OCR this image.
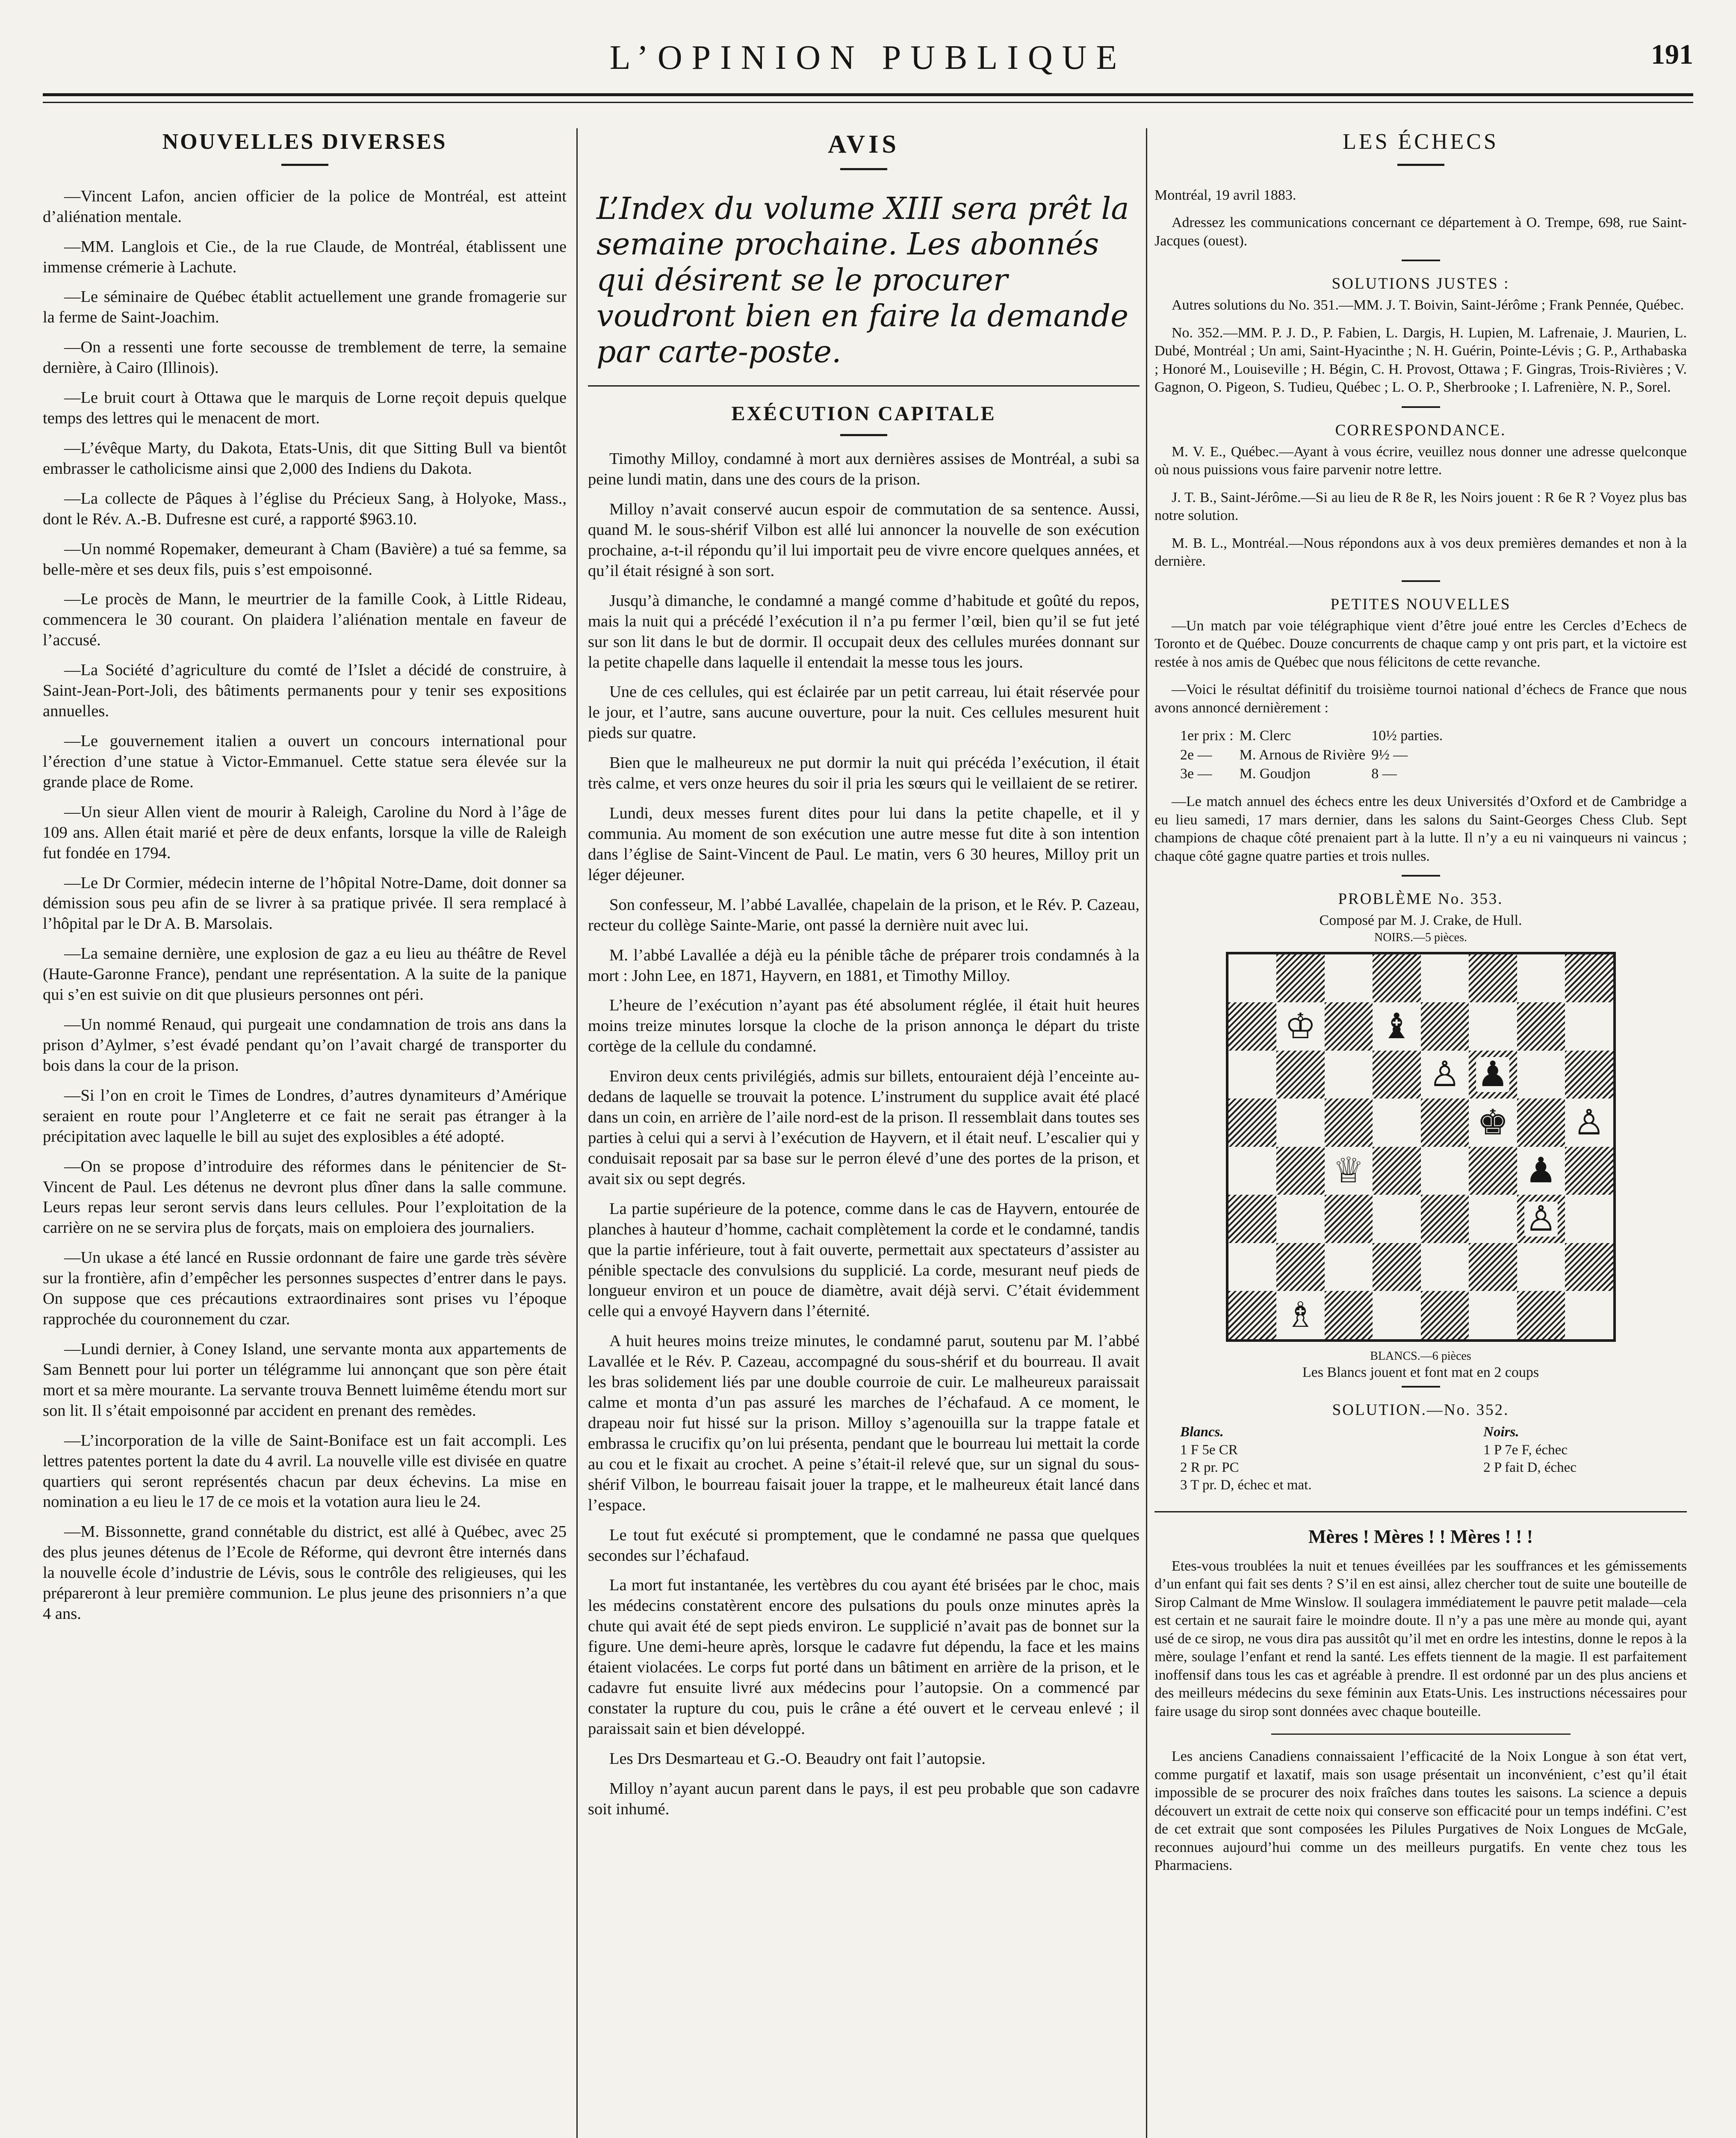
L’OPINION PUBLIQUE	191
NOUVELLES DIVERSES

—Vincent Lafon, ancien officier de la police de Montréal, est atteint d’aliénation mentale.

—MM. Langlois et Cie., de la rue Claude, de Montréal, établissent une immense crémerie à Lachute.

—Le séminaire de Québec établit actuellement une grande fromagerie sur la ferme de Saint-Joachim.

—On a ressenti une forte secousse de tremblement de terre, la semaine dernière, à Cairo (Illinois).

—Le bruit court à Ottawa que le marquis de Lorne reçoit depuis quelque temps des lettres qui le menacent de mort.

—L’évêque Marty, du Dakota, Etats-Unis, dit que Sitting Bull va bientôt embrasser le catholicisme ainsi que 2,000 des Indiens du Dakota.

—La collecte de Pâques à l’église du Précieux Sang, à Holyoke, Mass., dont le Rév. A.-B. Dufresne est curé, a rapporté $963.10.

—Un nommé Ropemaker, demeurant à Cham (Bavière) a tué sa femme, sa belle-mère et ses deux fils, puis s’est empoisonné.

—Le procès de Mann, le meurtrier de la famille Cook, à Little Rideau, commencera le 30 courant. On plaidera l’aliénation mentale en faveur de l’accusé.

—La Société d’agriculture du comté de l’Islet a décidé de construire, à Saint-Jean-Port-Joli, des bâtiments permanents pour y tenir ses expositions annuelles.

—Le gouvernement italien a ouvert un concours international pour l’érection d’une statue à Victor-Emmanuel. Cette statue sera élevée sur la grande place de Rome.

—Un sieur Allen vient de mourir à Raleigh, Caroline du Nord à l’âge de 109 ans. Allen était marié et père de deux enfants, lorsque la ville de Raleigh fut fondée en 1794.

—Le Dr Cormier, médecin interne de l’hôpital Notre-Dame, doit donner sa démission sous peu afin de se livrer à sa pratique privée. Il sera remplacé à l’hôpital par le Dr A. B. Marsolais.

—La semaine dernière, une explosion de gaz a eu lieu au théâtre de Revel (Haute-Garonne France), pendant une représentation. A la suite de la panique qui s’en est suivie on dit que plusieurs personnes ont péri.

—Un nommé Renaud, qui purgeait une condamnation de trois ans dans la prison d’Aylmer, s’est évadé pendant qu’on l’avait chargé de transporter du bois dans la cour de la prison.

—Si l’on en croit le Times de Londres, d’autres dynamiteurs d’Amérique seraient en route pour l’Angleterre et ce fait ne serait pas étranger à la précipitation avec laquelle le bill au sujet des explosibles a été adopté.

—On se propose d’introduire des réformes dans le pénitencier de St-Vincent de Paul. Les détenus ne devront plus dîner dans la salle commune. Leurs repas leur seront servis dans leurs cellules. Pour l’exploitation de la carrière on ne se servira plus de forçats, mais on emploiera des journaliers.

—Un ukase a été lancé en Russie ordonnant de faire une garde très sévère sur la frontière, afin d’empêcher les personnes suspectes d’entrer dans le pays. On suppose que ces précautions extraordinaires sont prises vu l’époque rapprochée du couronnement du czar.

—Lundi dernier, à Coney Island, une servante monta aux appartements de Sam Bennett pour lui porter un télégramme lui annonçant que son père était mort et sa mère mourante. La servante trouva Bennett luimême étendu mort sur son lit. Il s’était empoisonné par accident en prenant des remèdes.

—L’incorporation de la ville de Saint-Boniface est un fait accompli. Les lettres patentes portent la date du 4 avril. La nouvelle ville est divisée en quatre quartiers qui seront représentés chacun par deux échevins. La mise en nomination a eu lieu le 17 de ce mois et la votation aura lieu le 24.

—M. Bissonnette, grand connétable du district, est allé à Québec, avec 25 des plus jeunes détenus de l’Ecole de Réforme, qui devront être internés dans la nouvelle école d’industrie de Lévis, sous le contrôle des religieuses, qui les prépareront à leur première communion. Le plus jeune des prisonniers n’a que 4 ans.

AVIS
L’Index du volume XIII sera prêt la semaine prochaine. Les abonnés qui désirent se le procurer voudront bien en faire la demande par carte-poste.
EXÉCUTION CAPITALE

Timothy Milloy, condamné à mort aux dernières assises de Montréal, a subi sa peine lundi matin, dans une des cours de la prison.

Milloy n’avait conservé aucun espoir de commutation de sa sentence. Aussi, quand M. le sous-shérif Vilbon est allé lui annoncer la nouvelle de son exécution prochaine, a-t-il répondu qu’il lui importait peu de vivre encore quelques années, et qu’il était résigné à son sort.

Jusqu’à dimanche, le condamné a mangé comme d’habitude et goûté du repos, mais la nuit qui a précédé l’exécution il n’a pu fermer l’œil, bien qu’il se fut jeté sur son lit dans le but de dormir. Il occupait deux des cellules murées donnant sur la petite chapelle dans laquelle il entendait la messe tous les jours.

Une de ces cellules, qui est éclairée par un petit carreau, lui était réservée pour le jour, et l’autre, sans aucune ouverture, pour la nuit. Ces cellules mesurent huit pieds sur quatre.

Bien que le malheureux ne put dormir la nuit qui précéda l’exécution, il était très calme, et vers onze heures du soir il pria les sœurs qui le veillaient de se retirer.

Lundi, deux messes furent dites pour lui dans la petite chapelle, et il y communia. Au moment de son exécution une autre messe fut dite à son intention dans l’église de Saint-Vincent de Paul. Le matin, vers 6 30 heures, Milloy prit un léger déjeuner.

Son confesseur, M. l’abbé Lavallée, chapelain de la prison, et le Rév. P. Cazeau, recteur du collège Sainte-Marie, ont passé la dernière nuit avec lui.

M. l’abbé Lavallée a déjà eu la pénible tâche de préparer trois condamnés à la mort : John Lee, en 1871, Hayvern, en 1881, et Timothy Milloy.

L’heure de l’exécution n’ayant pas été absolument réglée, il était huit heures moins treize minutes lorsque la cloche de la prison annonça le départ du triste cortège de la cellule du condamné.

Environ deux cents privilégiés, admis sur billets, entouraient déjà l’enceinte au-dedans de laquelle se trouvait la potence. L’instrument du supplice avait été placé dans un coin, en arrière de l’aile nord-est de la prison. Il ressemblait dans toutes ses parties à celui qui a servi à l’exécution de Hayvern, et il était neuf. L’escalier qui y conduisait reposait par sa base sur le perron élevé d’une des portes de la prison, et avait six ou sept degrés.

La partie supérieure de la potence, comme dans le cas de Hayvern, entourée de planches à hauteur d’homme, cachait complètement la corde et le condamné, tandis que la partie inférieure, tout à fait ouverte, permettait aux spectateurs d’assister au pénible spectacle des convulsions du supplicié. La corde, mesurant neuf pieds de longueur environ et un pouce de diamètre, avait déjà servi. C’était évidemment celle qui a envoyé Hayvern dans l’éternité.

A huit heures moins treize minutes, le condamné parut, soutenu par M. l’abbé Lavallée et le Rév. P. Cazeau, accompagné du sous-shérif et du bourreau. Il avait les bras solidement liés par une double courroie de cuir. Le malheureux paraissait calme et monta d’un pas assuré les marches de l’échafaud. A ce moment, le drapeau noir fut hissé sur la prison. Milloy s’agenouilla sur la trappe fatale et embrassa le crucifix qu’on lui présenta, pendant que le bourreau lui mettait la corde au cou et le fixait au crochet. A peine s’était-il relevé que, sur un signal du sous-shérif Vilbon, le bourreau faisait jouer la trappe, et le malheureux était lancé dans l’espace.

Le tout fut exécuté si promptement, que le condamné ne passa que quelques secondes sur l’échafaud.

La mort fut instantanée, les vertèbres du cou ayant été brisées par le choc, mais les médecins constatèrent encore des pulsations du pouls onze minutes après la chute qui avait été de sept pieds environ. Le supplicié n’avait pas de bonnet sur la figure. Une demi-heure après, lorsque le cadavre fut dépendu, la face et les mains étaient violacées. Le corps fut porté dans un bâtiment en arrière de la prison, et le cadavre fut ensuite livré aux médecins pour l’autopsie. On a commencé par constater la rupture du cou, puis le crâne a été ouvert et le cerveau enlevé ; il paraissait sain et bien développé.

Les Drs Desmarteau et G.-O. Beaudry ont fait l’autopsie.

Milloy n’ayant aucun parent dans le pays, il est peu probable que son cadavre soit inhumé.

LES ÉCHECS

Montréal, 19 avril 1883.

Adressez les communications concernant ce département à O. Trempe, 698, rue Saint-Jacques (ouest).

SOLUTIONS JUSTES :

Autres solutions du No. 351.—MM. J. T. Boivin, Saint-Jérôme ; Frank Pennée, Québec.

No. 352.—MM. P. J. D., P. Fabien, L. Dargis, H. Lupien, M. Lafrenaie, J. Maurien, L. Dubé, Montréal ; Un ami, Saint-Hyacinthe ; N. H. Guérin, Pointe-Lévis ; G. P., Arthabaska ; Honoré M., Louiseville ; H. Bégin, C. H. Provost, Ottawa ; F. Gingras, Trois-Rivières ; V. Gagnon, O. Pigeon, S. Tudieu, Québec ; L. O. P., Sherbrooke ; I. Lafrenière, N. P., Sorel.

CORRESPONDANCE.

M. V. E., Québec.—Ayant à vous écrire, veuillez nous donner une adresse quelconque où nous puissions vous faire parvenir notre lettre.

J. T. B., Saint-Jérôme.—Si au lieu de R 8e R, les Noirs jouent : R 6e R ? Voyez plus bas notre solution.

M. B. L., Montréal.—Nous répondons aux à vos deux premières demandes et non à la dernière.

PETITES NOUVELLES

—Un match par voie télégraphique vient d’être joué entre les Cercles d’Echecs de Toronto et de Québec. Douze concurrents de chaque camp y ont pris part, et la victoire est restée à nos amis de Québec que nous félicitons de cette revanche.

—Voici le résultat définitif du troisième tournoi national d’échecs de France que nous avons annoncé dernièrement :

1er prix :	M. Clerc	10½ parties.
2e —	M. Arnous de Rivière	9½ —
3e —	M. Goudjon	8 —

—Le match annuel des échecs entre les deux Universités d’Oxford et de Cambridge a eu lieu samedi, 17 mars dernier, dans les salons du Saint-Georges Chess Club. Sept champions de chaque côté prenaient part à la lutte. Il n’y a eu ni vainqueurs ni vaincus ; chaque côté gagne quatre parties et trois nulles.

PROBLÈME No. 353.
Composé par M. J. Crake, de Hull.
NOIRS.—5 pièces.
♔ ♝
♙ ♟
♚ ♙
♕	♟
♙
♗
BLANCS.—6 pièces
Les Blancs jouent et font mat en 2 coups
SOLUTION.—No. 352.
Blancs.	Noirs.
1 F 5e CR	1 P 7e F, échec
2 R pr. PC	2 P fait D, échec
3 T pr. D, échec et mat.	
Mères ! Mères ! ! Mères ! ! !

Etes-vous troublées la nuit et tenues éveillées par les souffrances et les gémissements d’un enfant qui fait ses dents ? S’il en est ainsi, allez chercher tout de suite une bouteille de Sirop Calmant de Mme Winslow. Il soulagera immédiatement le pauvre petit malade—cela est certain et ne saurait faire le moindre doute. Il n’y a pas une mère au monde qui, ayant usé de ce sirop, ne vous dira pas aussitôt qu’il met en ordre les intestins, donne le repos à la mère, soulage l’enfant et rend la santé. Les effets tiennent de la magie. Il est parfaitement inoffensif dans tous les cas et agréable à prendre. Il est ordonné par un des plus anciens et des meilleurs médecins du sexe féminin aux Etats-Unis. Les instructions nécessaires pour faire usage du sirop sont données avec chaque bouteille.

Les anciens Canadiens connaissaient l’efficacité de la Noix Longue à son état vert, comme purgatif et laxatif, mais son usage présentait un inconvénient, c’est qu’il était impossible de se procurer des noix fraîches dans toutes les saisons. La science a depuis découvert un extrait de cette noix qui conserve son efficacité pour un temps indéfini. C’est de cet extrait que sont composées les Pilules Purgatives de Noix Longues de McGale, reconnues aujourd’hui comme un des meilleurs purgatifs. En vente chez tous les Pharmaciens.
